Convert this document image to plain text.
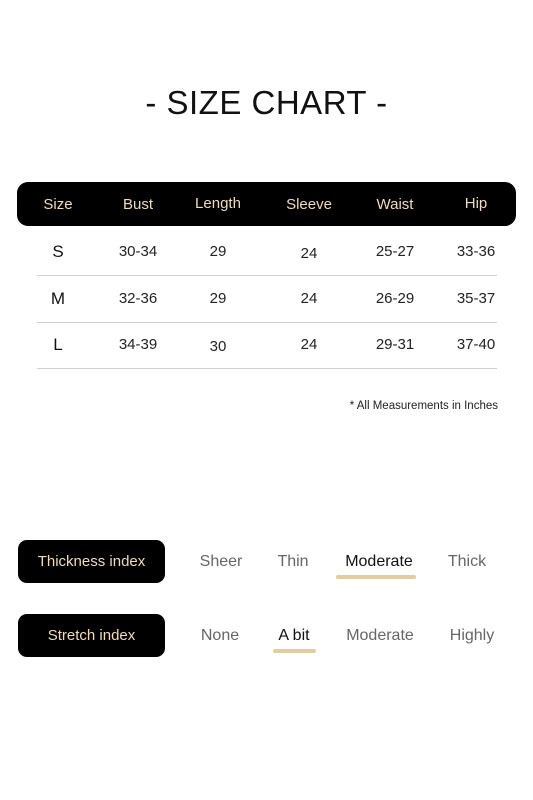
- SIZE CHART -
Size	Bust	Length	Sleeve	Waist	Hip
S	30-34	29	24	25-27	33-36
M	32-36	29	24	26-29	35-37
L	34-39	30	24	29-31	37-40
* All Measurements in Inches
Thickness index	Sheer Thin Moderate Thick
Stretch index	None A bit Moderate Highly
